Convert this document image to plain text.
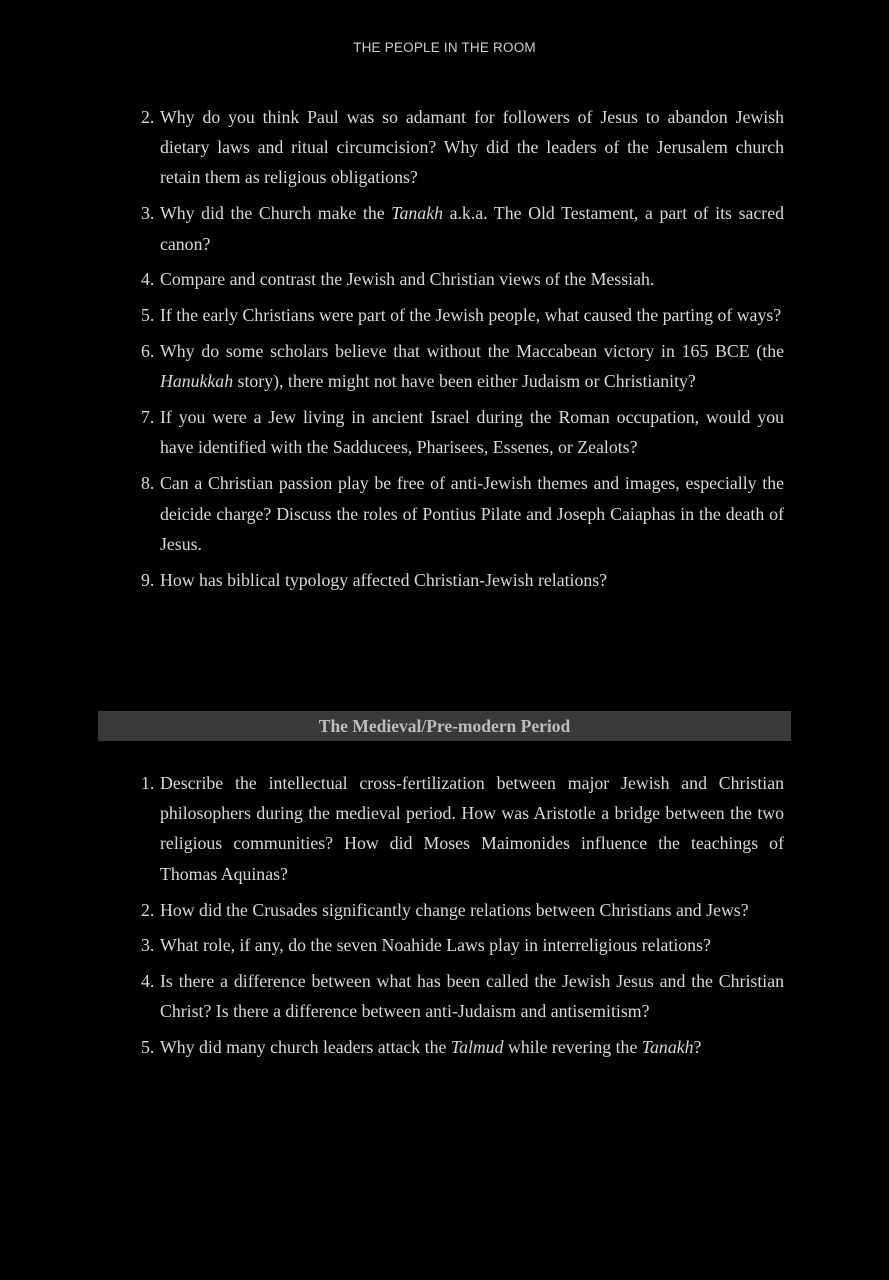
THE PEOPLE IN THE ROOM
2. Why do you think Paul was so adamant for followers of Jesus to abandon Jewish dietary laws and ritual circumcision? Why did the leaders of the Jerusalem church retain them as religious obligations?
3. Why did the Church make the Tanakh a.k.a. The Old Testament, a part of its sacred canon?
4. Compare and contrast the Jewish and Christian views of the Messiah.
5. If the early Christians were part of the Jewish people, what caused the parting of ways?
6. Why do some scholars believe that without the Maccabean victory in 165 BCE (the Hanukkah story), there might not have been either Judaism or Christianity?
7. If you were a Jew living in ancient Israel during the Roman occupation, would you have identified with the Sadducees, Pharisees, Essenes, or Zealots?
8. Can a Christian passion play be free of anti-Jewish themes and images, especially the deicide charge? Discuss the roles of Pontius Pilate and Joseph Caiaphas in the death of Jesus.
9. How has biblical typology affected Christian-Jewish relations?
The Medieval/Pre-modern Period
1. Describe the intellectual cross-fertilization between major Jewish and Christian philosophers during the medieval period. How was Aristotle a bridge between the two religious communities? How did Moses Maimonides influence the teachings of Thomas Aquinas?
2. How did the Crusades significantly change relations between Christians and Jews?
3. What role, if any, do the seven Noahide Laws play in interreligious relations?
4. Is there a difference between what has been called the Jewish Jesus and the Christian Christ? Is there a difference between anti-Judaism and antisemitism?
5. Why did many church leaders attack the Talmud while revering the Tanakh?
